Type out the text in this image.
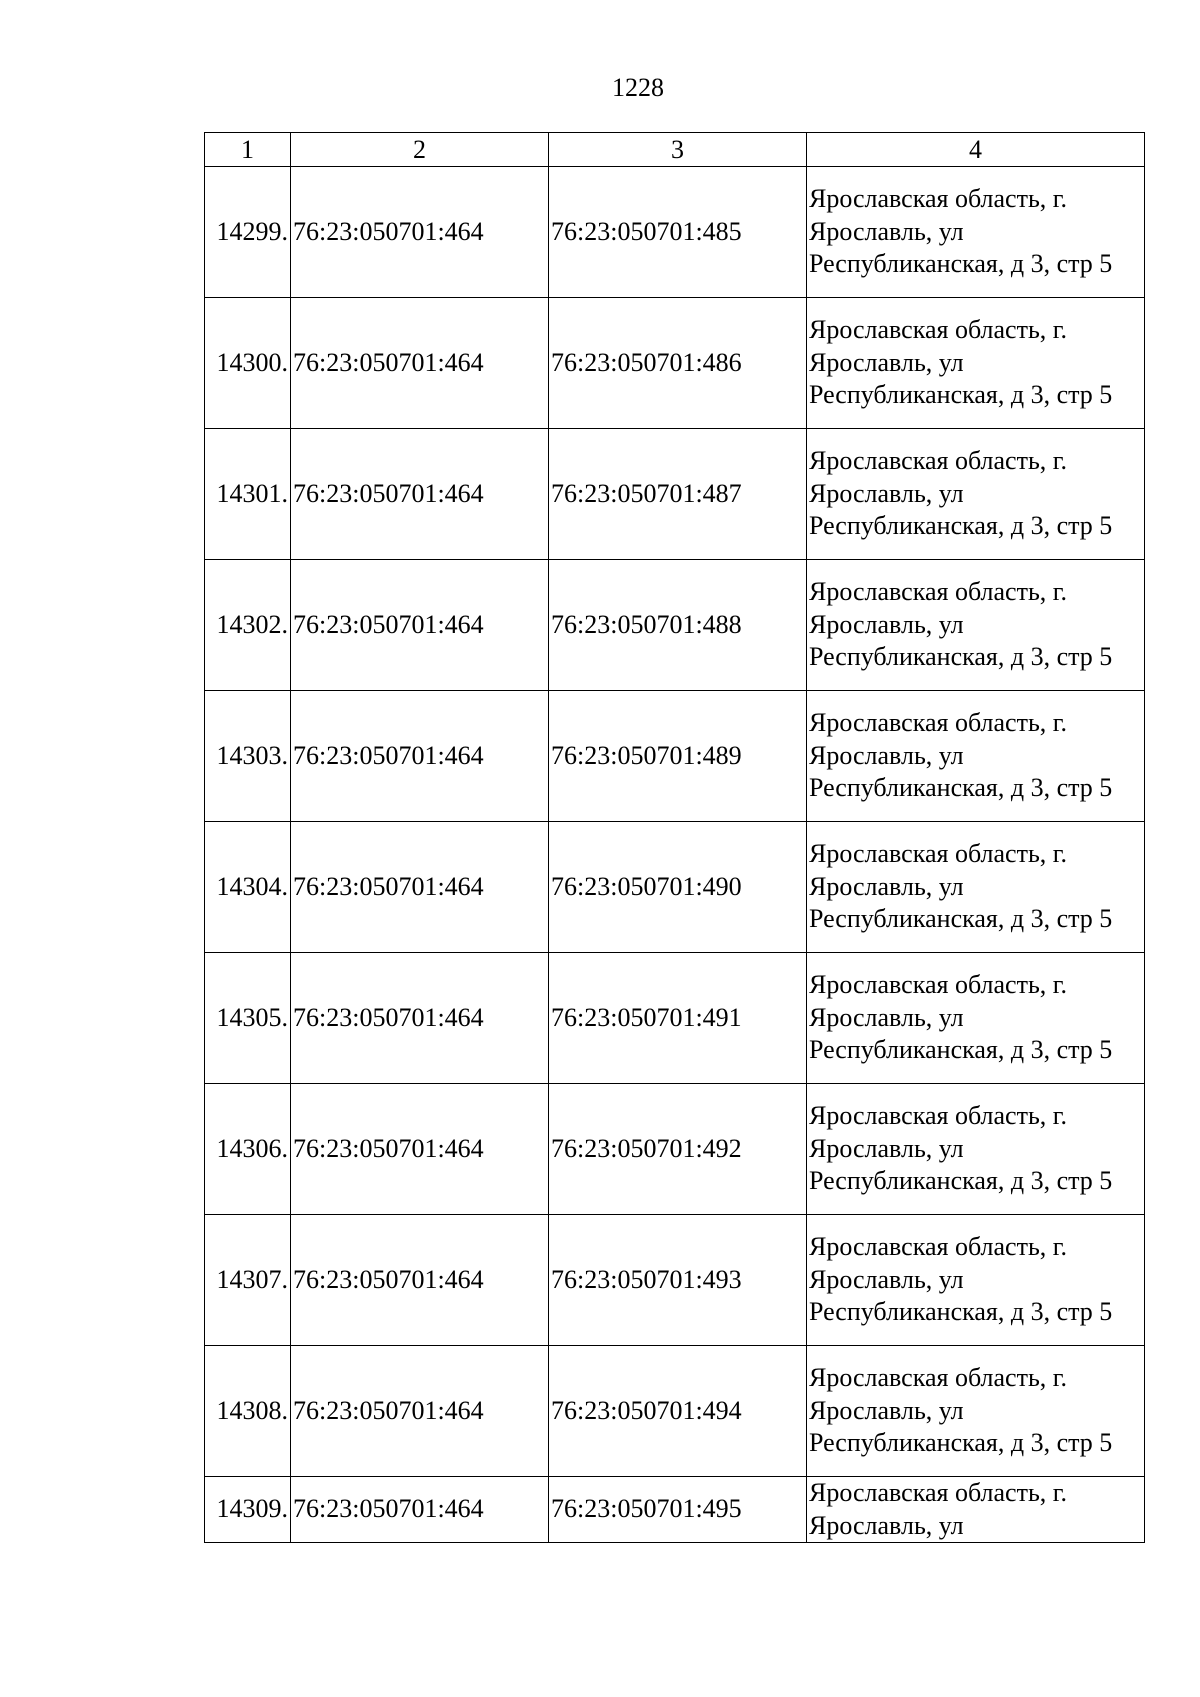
1228
1	2	3	4
14299.	76:23:050701:464	76:23:050701:485	Ярославская область, г. Ярославль, ул Республиканская, д 3, стр 5
14300.	76:23:050701:464	76:23:050701:486	Ярославская область, г. Ярославль, ул Республиканская, д 3, стр 5
14301.	76:23:050701:464	76:23:050701:487	Ярославская область, г. Ярославль, ул Республиканская, д 3, стр 5
14302.	76:23:050701:464	76:23:050701:488	Ярославская область, г. Ярославль, ул Республиканская, д 3, стр 5
14303.	76:23:050701:464	76:23:050701:489	Ярославская область, г. Ярославль, ул Республиканская, д 3, стр 5
14304.	76:23:050701:464	76:23:050701:490	Ярославская область, г. Ярославль, ул Республиканская, д 3, стр 5
14305.	76:23:050701:464	76:23:050701:491	Ярославская область, г. Ярославль, ул Республиканская, д 3, стр 5
14306.	76:23:050701:464	76:23:050701:492	Ярославская область, г. Ярославль, ул Республиканская, д 3, стр 5
14307.	76:23:050701:464	76:23:050701:493	Ярославская область, г. Ярославль, ул Республиканская, д 3, стр 5
14308.	76:23:050701:464	76:23:050701:494	Ярославская область, г. Ярославль, ул Республиканская, д 3, стр 5
14309.	76:23:050701:464	76:23:050701:495	Ярославская область, г. Ярославль, ул
